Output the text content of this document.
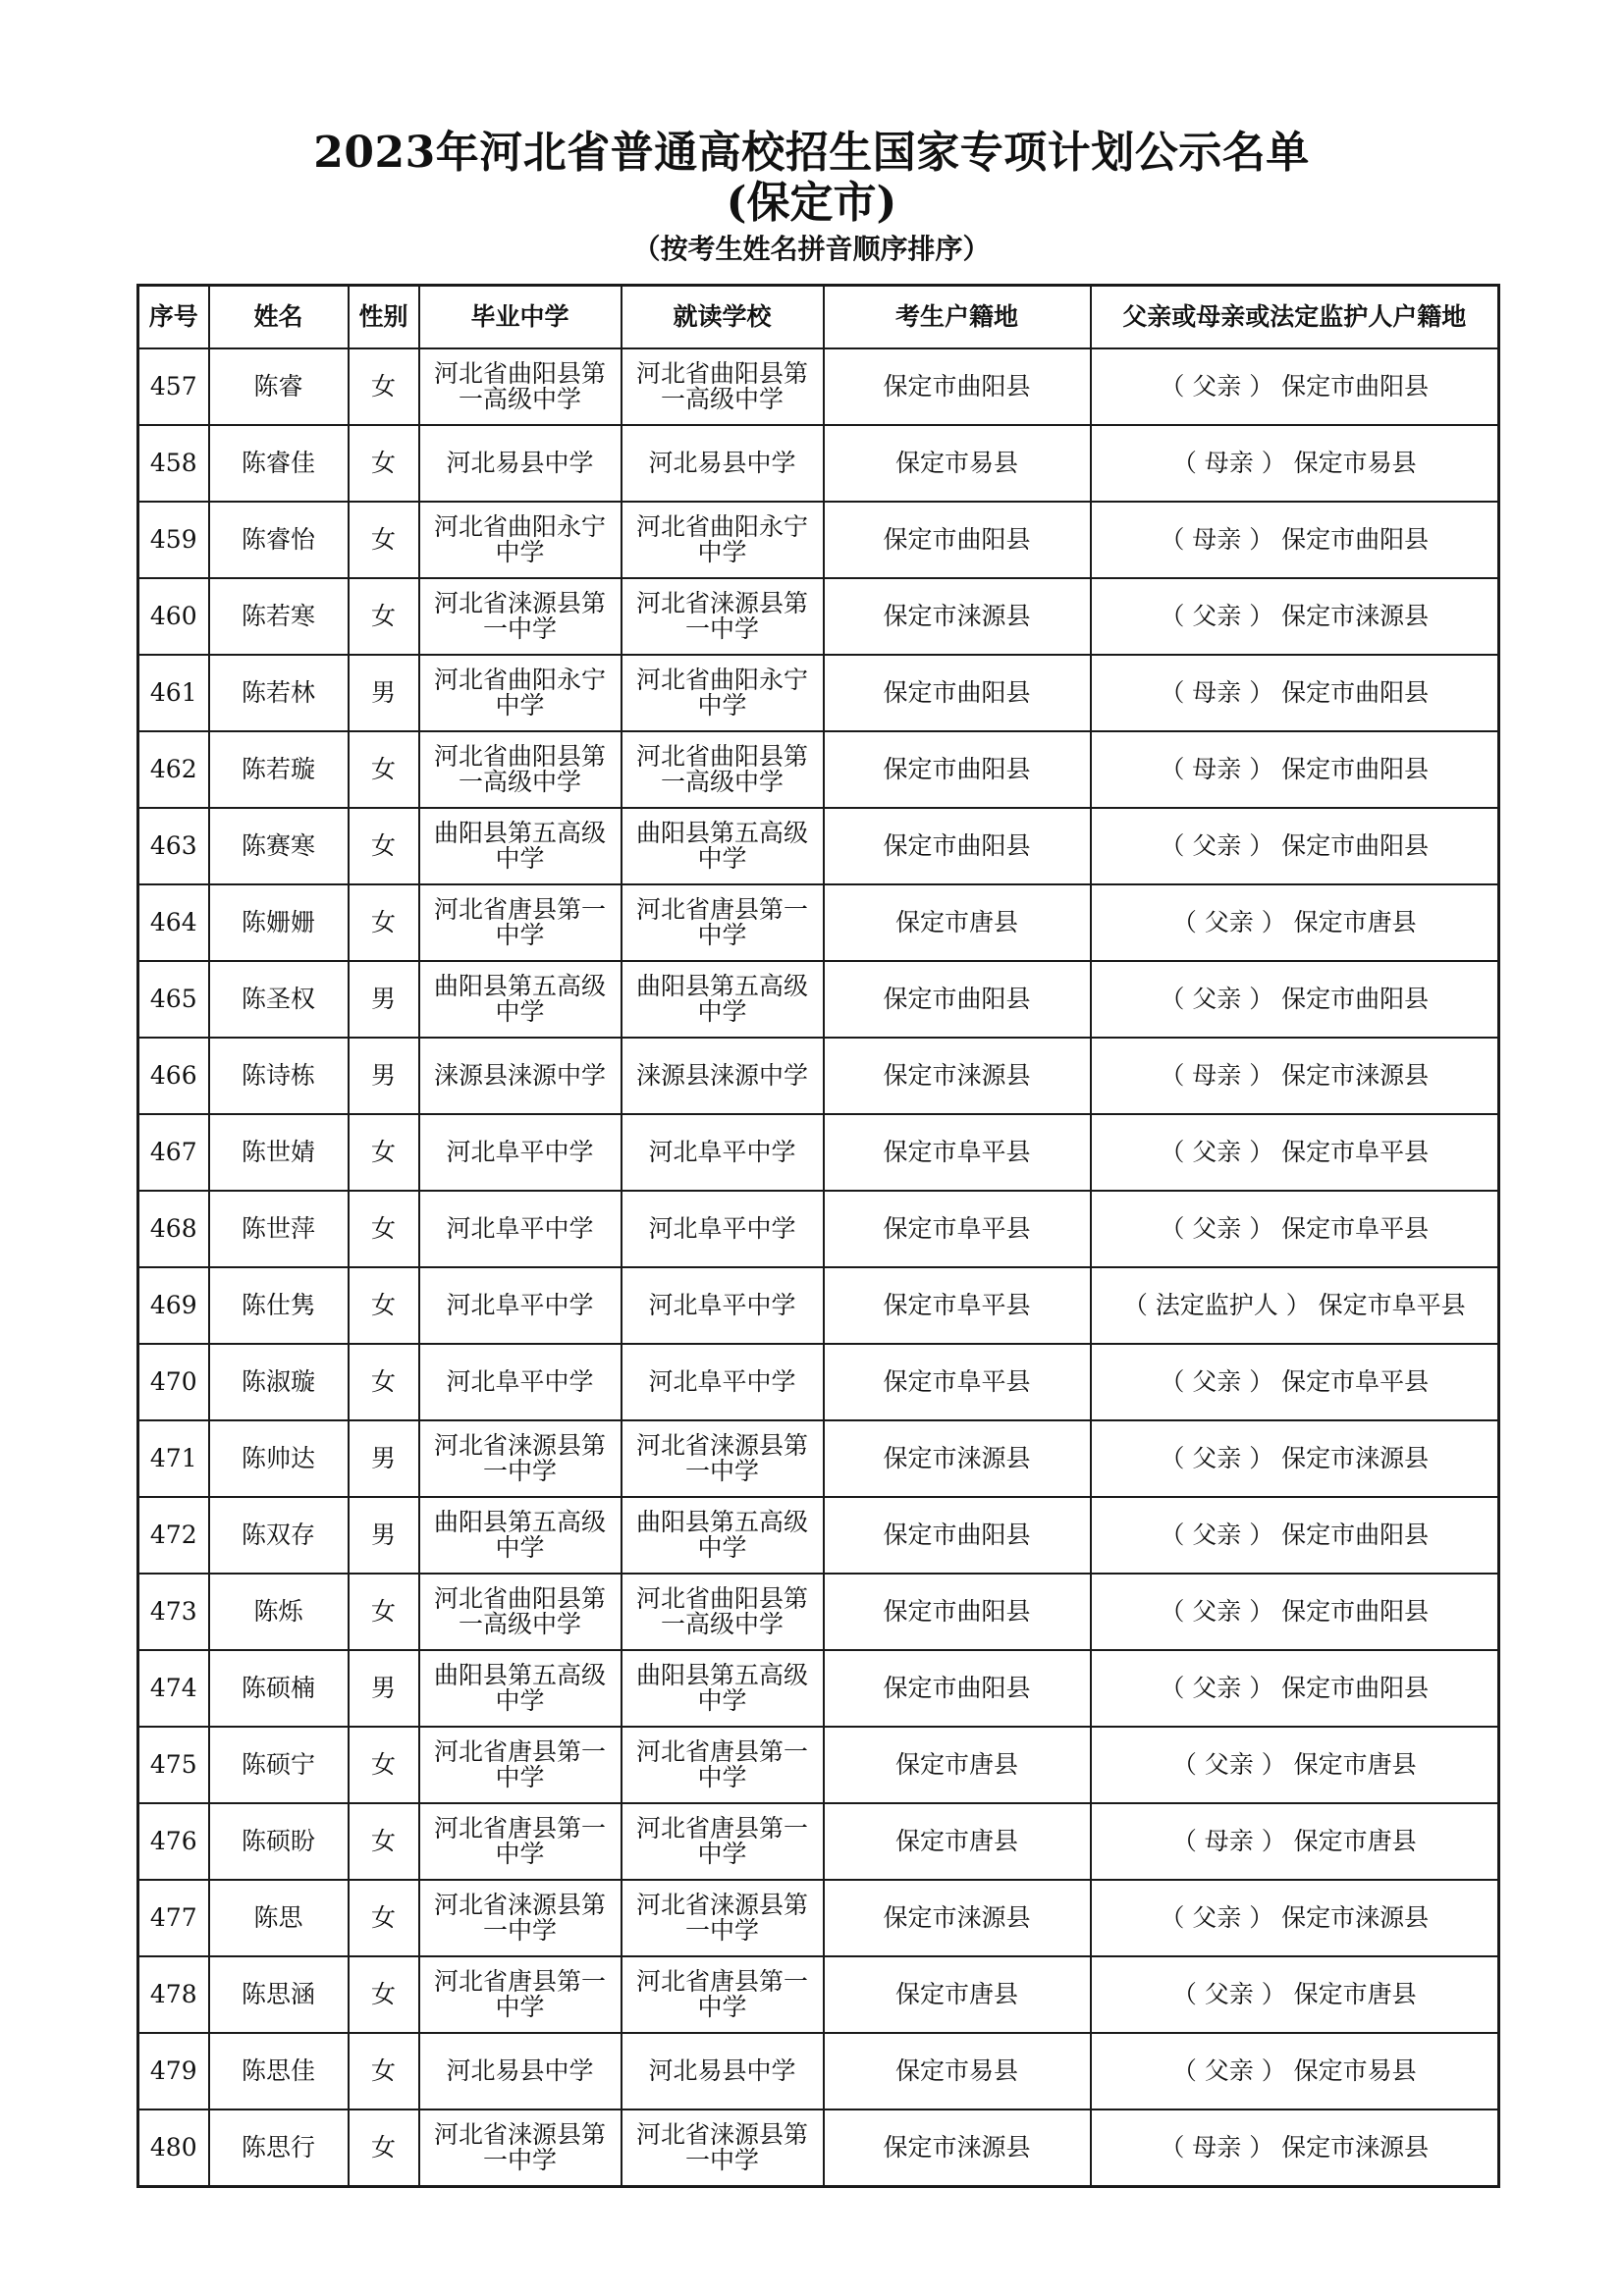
2023年河北省普通高校招生国家专项计划公示名单
(保定市)
（按考生姓名拼音顺序排序）
序号	姓名	性别	毕业中学	就读学校	考生户籍地	父亲或母亲或法定监护人户籍地
457	陈睿	女	河北省曲阳县第一高级中学	河北省曲阳县第一高级中学	保定市曲阳县	（ 父亲 ） 保定市曲阳县
458	陈睿佳	女	河北易县中学	河北易县中学	保定市易县	（ 母亲 ） 保定市易县
459	陈睿怡	女	河北省曲阳永宁中学	河北省曲阳永宁中学	保定市曲阳县	（ 母亲 ） 保定市曲阳县
460	陈若寒	女	河北省涞源县第一中学	河北省涞源县第一中学	保定市涞源县	（ 父亲 ） 保定市涞源县
461	陈若林	男	河北省曲阳永宁中学	河北省曲阳永宁中学	保定市曲阳县	（ 母亲 ） 保定市曲阳县
462	陈若璇	女	河北省曲阳县第一高级中学	河北省曲阳县第一高级中学	保定市曲阳县	（ 母亲 ） 保定市曲阳县
463	陈赛寒	女	曲阳县第五高级中学	曲阳县第五高级中学	保定市曲阳县	（ 父亲 ） 保定市曲阳县
464	陈姗姗	女	河北省唐县第一中学	河北省唐县第一中学	保定市唐县	（ 父亲 ） 保定市唐县
465	陈圣权	男	曲阳县第五高级中学	曲阳县第五高级中学	保定市曲阳县	（ 父亲 ） 保定市曲阳县
466	陈诗栋	男	涞源县涞源中学	涞源县涞源中学	保定市涞源县	（ 母亲 ） 保定市涞源县
467	陈世婧	女	河北阜平中学	河北阜平中学	保定市阜平县	（ 父亲 ） 保定市阜平县
468	陈世萍	女	河北阜平中学	河北阜平中学	保定市阜平县	（ 父亲 ） 保定市阜平县
469	陈仕隽	女	河北阜平中学	河北阜平中学	保定市阜平县	（ 法定监护人 ） 保定市阜平县
470	陈淑璇	女	河北阜平中学	河北阜平中学	保定市阜平县	（ 父亲 ） 保定市阜平县
471	陈帅达	男	河北省涞源县第一中学	河北省涞源县第一中学	保定市涞源县	（ 父亲 ） 保定市涞源县
472	陈双存	男	曲阳县第五高级中学	曲阳县第五高级中学	保定市曲阳县	（ 父亲 ） 保定市曲阳县
473	陈烁	女	河北省曲阳县第一高级中学	河北省曲阳县第一高级中学	保定市曲阳县	（ 父亲 ） 保定市曲阳县
474	陈硕楠	男	曲阳县第五高级中学	曲阳县第五高级中学	保定市曲阳县	（ 父亲 ） 保定市曲阳县
475	陈硕宁	女	河北省唐县第一中学	河北省唐县第一中学	保定市唐县	（ 父亲 ） 保定市唐县
476	陈硕盼	女	河北省唐县第一中学	河北省唐县第一中学	保定市唐县	（ 母亲 ） 保定市唐县
477	陈思	女	河北省涞源县第一中学	河北省涞源县第一中学	保定市涞源县	（ 父亲 ） 保定市涞源县
478	陈思涵	女	河北省唐县第一中学	河北省唐县第一中学	保定市唐县	（ 父亲 ） 保定市唐县
479	陈思佳	女	河北易县中学	河北易县中学	保定市易县	（ 父亲 ） 保定市易县
480	陈思行	女	河北省涞源县第一中学	河北省涞源县第一中学	保定市涞源县	（ 母亲 ） 保定市涞源县
